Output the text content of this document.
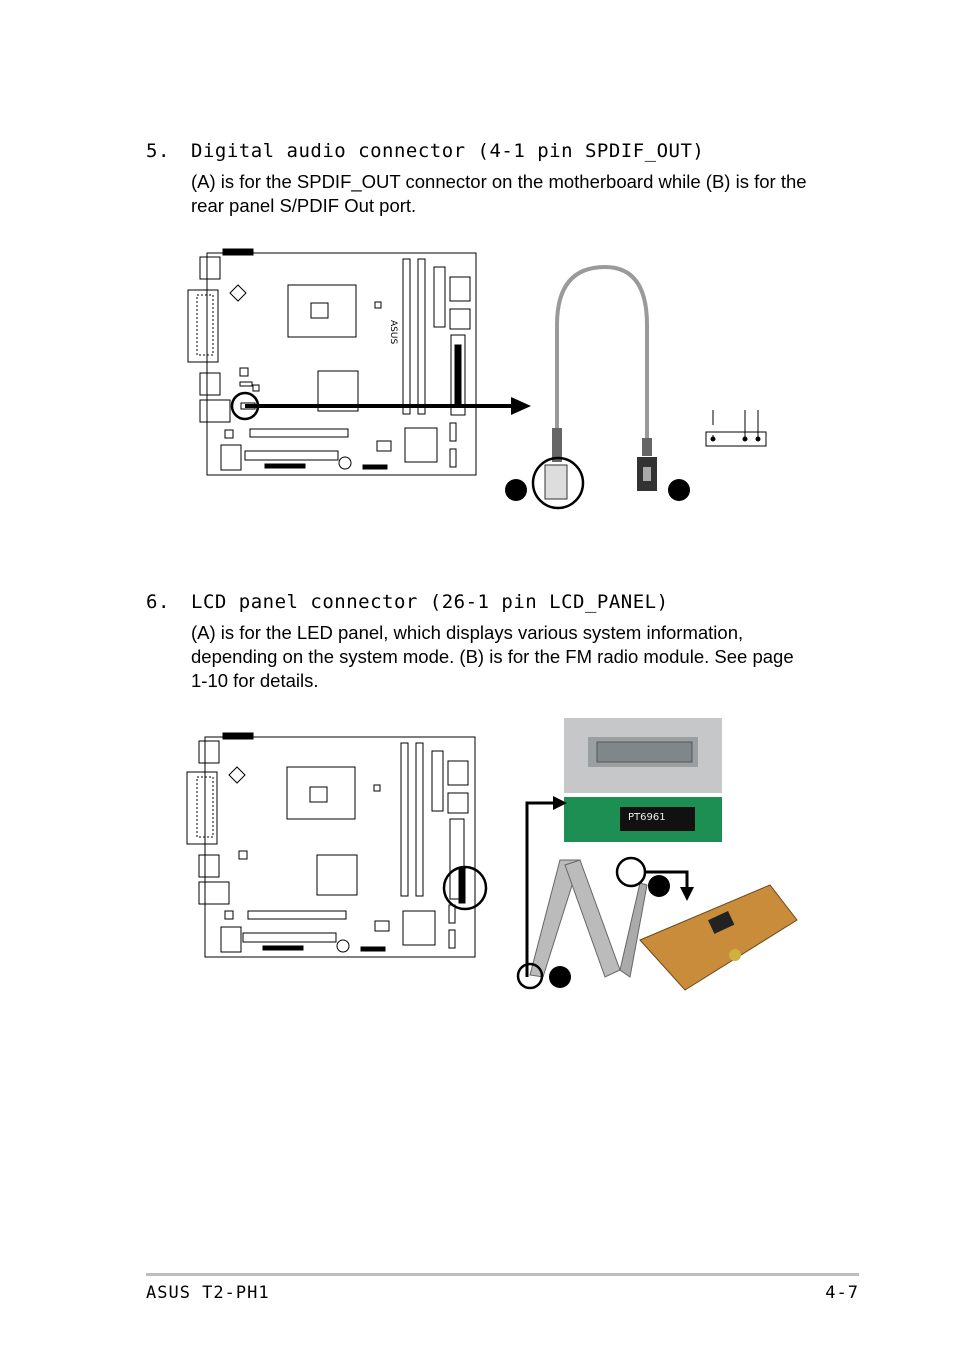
5. Digital audio connector (4-1 pin SPDIF_OUT)
(A) is for the SPDIF_OUT connector on the motherboard while (B) is for the rear panel S/PDIF Out port.
ASUS
6. LCD panel connector (26-1 pin LCD_PANEL)
(A) is for the LED panel, which displays various system information, depending on the system mode. (B) is for the FM radio module. See page 1-10 for details.
PT6961
ASUS T2-PH1	4-7
